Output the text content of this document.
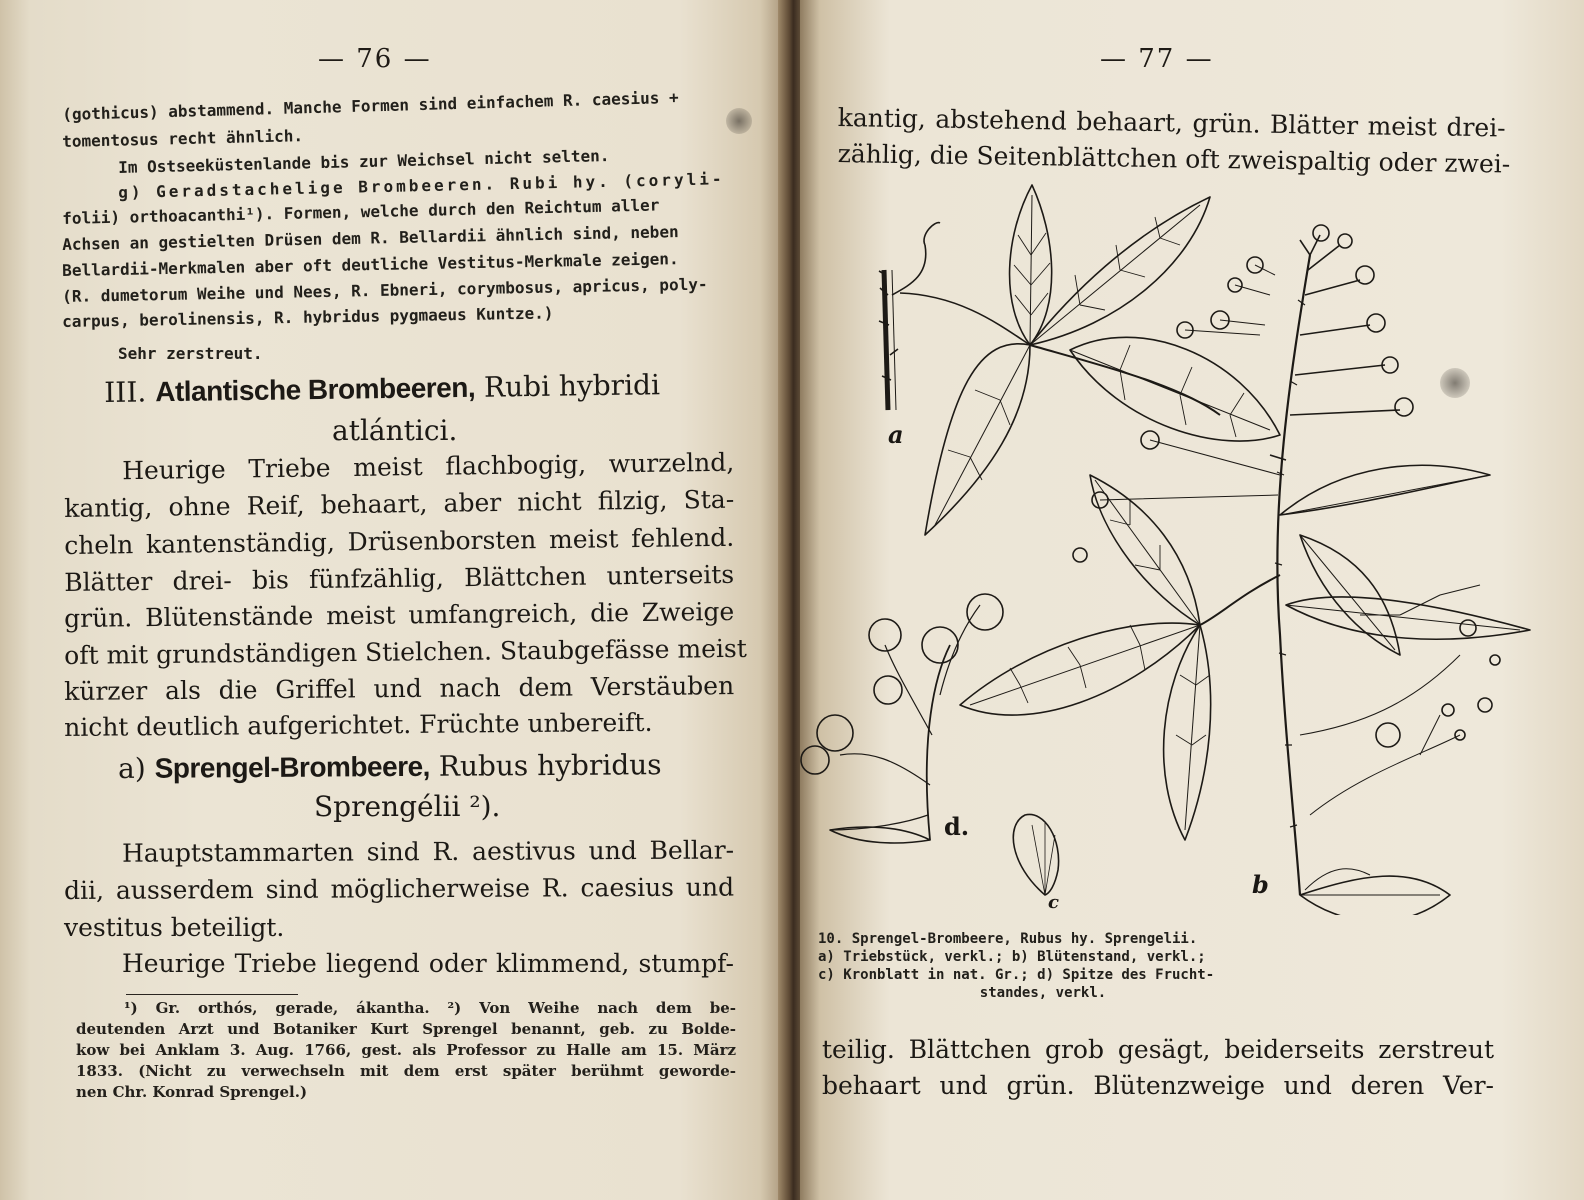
— 76 —
(gothicus) abstammend. Manche Formen sind einfachem R. caesius +
tomentosus recht ähnlich.
Im Ostseeküstenlande bis zur Weichsel nicht selten.
g) Geradstachelige Brombeeren. Rubi hy. (coryli-
folii) orthoacanthi¹). Formen, welche durch den Reichtum aller
Achsen an gestielten Drüsen dem R. Bellardii ähnlich sind, neben
Bellardii-Merkmalen aber oft deutliche Vestitus-Merkmale zeigen.
(R. dumetorum Weihe und Nees, R. Ebneri, corymbosus, apricus, poly-
carpus, berolinensis, R. hybridus pygmaeus Kuntze.)
Sehr zerstreut.
III. Atlantische Brombeeren, Rubi hybridi
atlántici.
Heurige Triebe meist flachbogig, wurzelnd,
kantig, ohne Reif, behaart, aber nicht filzig, Sta-
cheln kantenständig, Drüsenborsten meist fehlend.
Blätter drei- bis fünfzählig, Blättchen unterseits
grün. Blütenstände meist umfangreich, die Zweige
oft mit grundständigen Stielchen. Staubgefässe meist
kürzer als die Griffel und nach dem Verstäuben
nicht deutlich aufgerichtet. Früchte unbereift.
a) Sprengel-Brombeere, Rubus hybridus
Sprengélii ²).
Hauptstammarten sind R. aestivus und Bellar-
dii, ausserdem sind möglicherweise R. caesius und
vestitus beteiligt.
Heurige Triebe liegend oder klimmend, stumpf-
¹) Gr. orthós, gerade, ákantha. ²) Von Weihe nach dem be-
deutenden Arzt und Botaniker Kurt Sprengel benannt, geb. zu Bolde-
kow bei Anklam 3. Aug. 1766, gest. als Professor zu Halle am 15. März
1833. (Nicht zu verwechseln mit dem erst später berühmt geworde-
nen Chr. Konrad Sprengel.)
— 77 —
kantig, abstehend behaart, grün. Blätter meist drei-
zählig, die Seitenblättchen oft zweispaltig oder zwei-
a
b
c
d.
10. Sprengel-Brombeere, Rubus hy. Sprengelii.
a) Triebstück, verkl.; b) Blütenstand, verkl.;
c) Kronblatt in nat. Gr.; d) Spitze des Frucht-
standes, verkl.
teilig. Blättchen grob gesägt, beiderseits zerstreut
behaart und grün. Blütenzweige und deren Ver-
